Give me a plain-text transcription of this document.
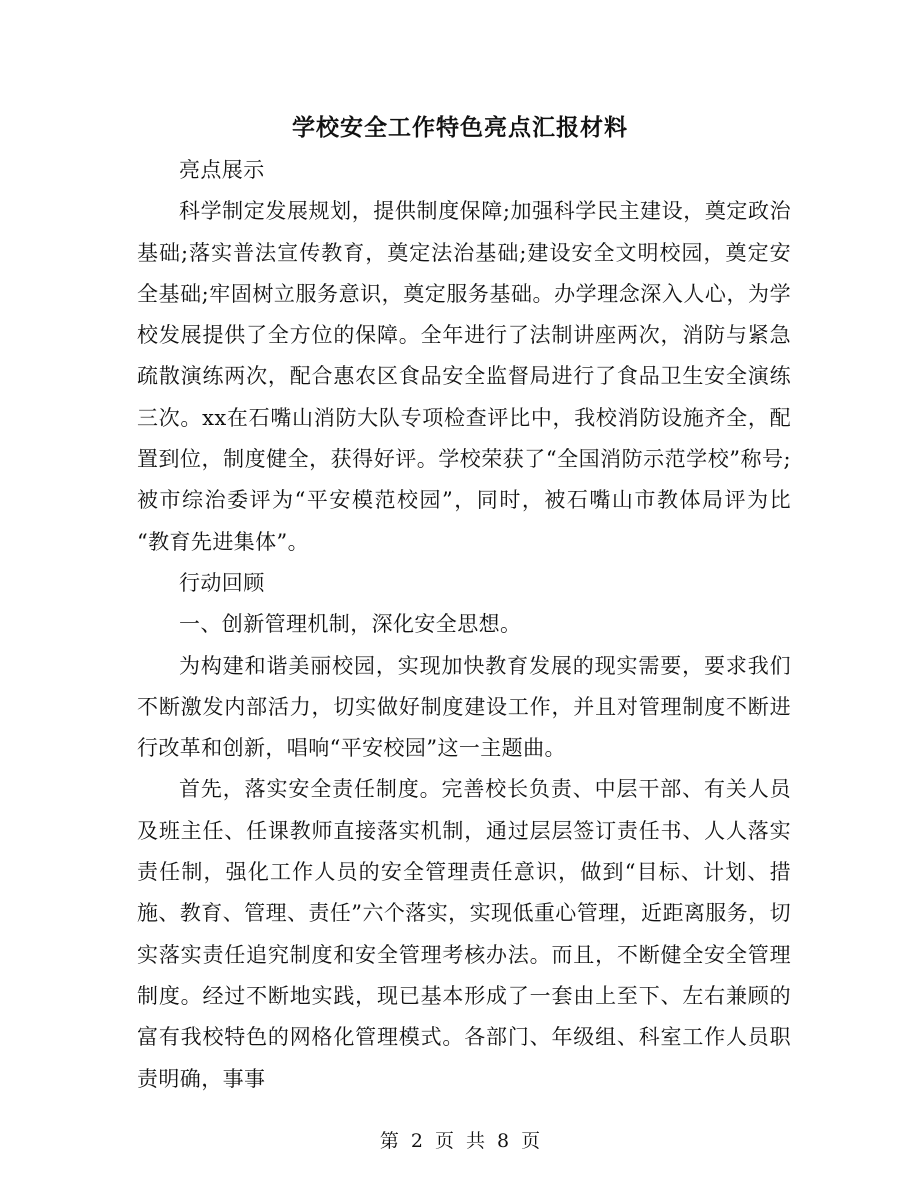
学校安全工作特色亮点汇报材料

亮点展示

科学制定发展规划，提供制度保障;加强科学民主建设，奠定政治基础;落实普法宣传教育，奠定法治基础;建设安全文明校园，奠定安全基础;牢固树立服务意识，奠定服务基础。办学理念深入人心，为学校发展提供了全方位的保障。全年进行了法制讲座两次，消防与紧急疏散演练两次，配合惠农区食品安全监督局进行了食品卫生安全演练三次。xx在石嘴山消防大队专项检查评比中，我校消防设施齐全，配置到位，制度健全，获得好评。学校荣获了“全国消防示范学校”称号;被市综治委评为“平安模范校园”，同时，被石嘴山市教体局评为比 “教育先进集体”。

行动回顾

一、创新管理机制，深化安全思想。

为构建和谐美丽校园，实现加快教育发展的现实需要，要求我们不断激发内部活力，切实做好制度建设工作，并且对管理制度不断进行改革和创新，唱响“平安校园”这一主题曲。

首先，落实安全责任制度。完善校长负责、中层干部、有关人员及班主任、任课教师直接落实机制，通过层层签订责任书、人人落实责任制，强化工作人员的安全管理责任意识，做到“目标、计划、措施、教育、管理、责任”六个落实，实现低重心管理，近距离服务，切实落实责任追究制度和安全管理考核办法。而且，不断健全安全管理制度。经过不断地实践，现已基本形成了一套由上至下、左右兼顾的富有我校特色的网格化管理模式。各部门、年级组、科室工作人员职责明确，事事

第 2 页 共 8 页
